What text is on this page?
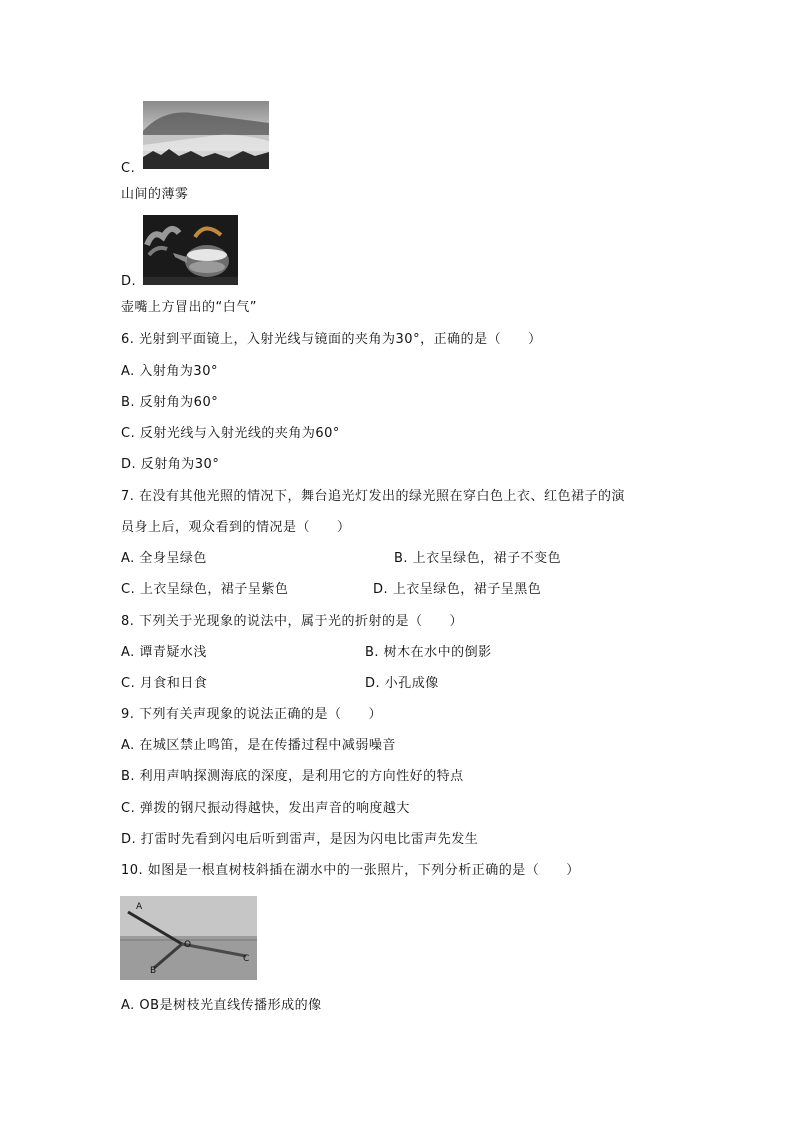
C.
山间的薄雾
D.
壶嘴上方冒出的“白气”
6. 光射到平面镜上，入射光线与镜面的夹角为30°，正确的是（　　）
A. 入射角为30°
B. 反射角为60°
C. 反射光线与入射光线的夹角为60°
D. 反射角为30°
7. 在没有其他光照的情况下，舞台追光灯发出的绿光照在穿白色上衣、红色裙子的演
员身上后，观众看到的情况是（　　）
A. 全身呈绿色	B. 上衣呈绿色，裙子不变色
C. 上衣呈绿色，裙子呈紫色	D. 上衣呈绿色，裙子呈黑色
8. 下列关于光现象的说法中，属于光的折射的是（　　）
A. 谭青疑水浅	B. 树木在水中的倒影
C. 月食和日食	D. 小孔成像
9. 下列有关声现象的说法正确的是（　　）
A. 在城区禁止鸣笛，是在传播过程中减弱噪音
B. 利用声呐探测海底的深度，是利用它的方向性好的特点
C. 弹拨的钢尺振动得越快，发出声音的响度越大
D. 打雷时先看到闪电后听到雷声，是因为闪电比雷声先发生
10. 如图是一根直树枝斜插在湖水中的一张照片，下列分析正确的是（　　）
A
O
B
C
A. OB是树枝光直线传播形成的像
